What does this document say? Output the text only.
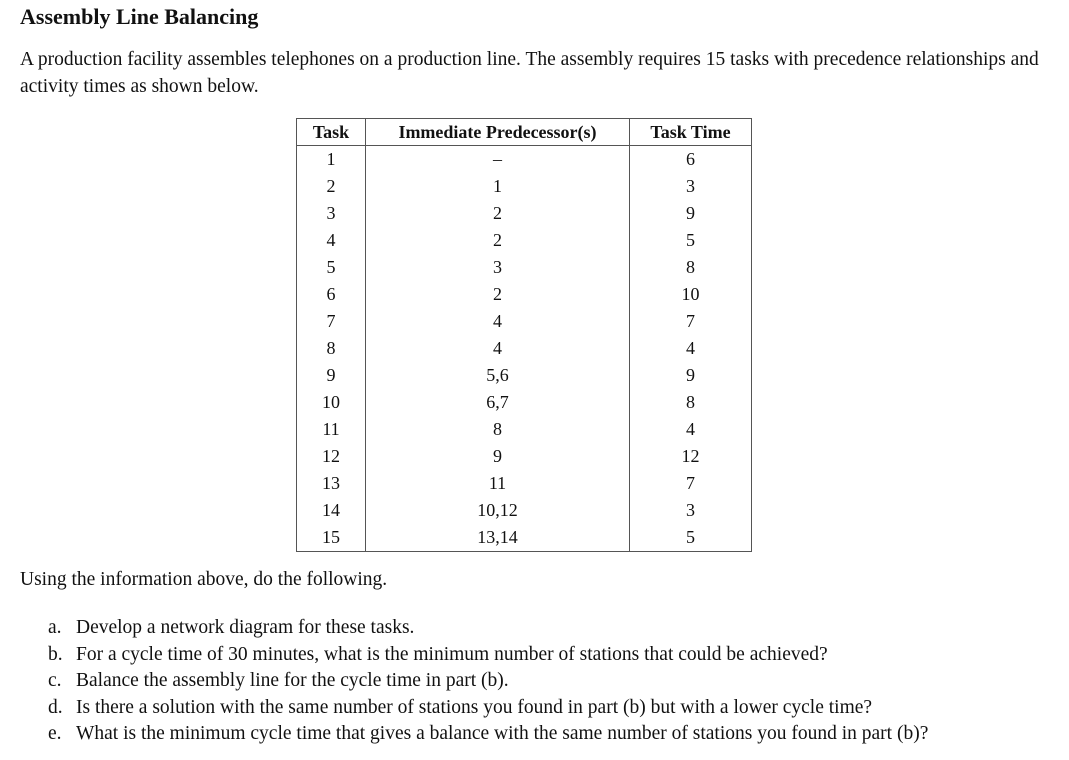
Assembly Line Balancing

A production facility assembles telephones on a production line. The assembly requires 15 tasks with precedence relationships and activity times as shown below.

Task	Immediate Predecessor(s)	Task Time
1	–	6
2	1	3
3	2	9
4	2	5
5	3	8
6	2	10
7	4	7
8	4	4
9	5,6	9
10	6,7	8
11	8	4
12	9	12
13	11	7
14	10,12	3
15	13,14	5

Using the information above, do the following.

a. Develop a network diagram for these tasks.
b. For a cycle time of 30 minutes, what is the minimum number of stations that could be achieved?
c. Balance the assembly line for the cycle time in part (b).
d. Is there a solution with the same number of stations you found in part (b) but with a lower cycle time?
e. What is the minimum cycle time that gives a balance with the same number of stations you found in part (b)?
